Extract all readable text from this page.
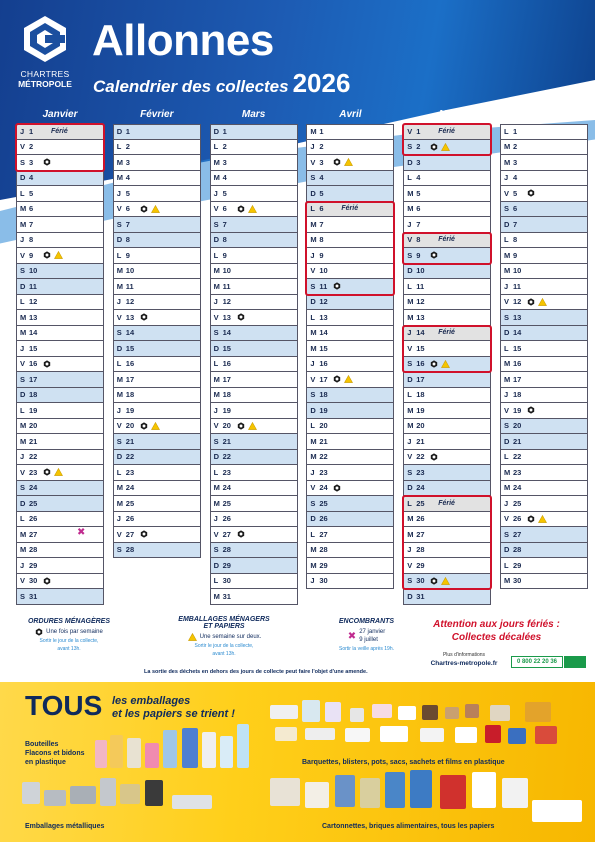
CHARTRES
MÉTROPOLE
Allonnes
Calendrier des collectes 2026
Janvier
J 1	Férié
V 2
S 3
D 4
L 5
M 6
M 7
J 8
V 9
S 10
D 11
L 12
M 13
M 14
J 15
V 16
S 17
D 18
L 19
M 20
M 21
J 22
V 23
S 24
D 25
L 26
M 27	✖
M 28
J 29
V 30
S 31
Février
D 1
L 2
M 3
M 4
J 5
V 6
S 7
D 8
L 9
M 10
M 11
J 12
V 13
S 14
D 15
L 16
M 17
M 18
J 19
V 20
S 21
D 22
L 23
M 24
M 25
J 26
V 27
S 28
Mars
D 1
L 2
M 3
M 4
J 5
V 6
S 7
D 8
L 9
M 10
M 11
J 12
V 13
S 14
D 15
L 16
M 17
M 18
J 19
V 20
S 21
D 22
L 23
M 24
M 25
J 26
V 27
S 28
D 29
L 30
M 31
Avril
M 1
J 2
V 3
S 4
D 5
L 6	Férié
M 7
M 8
J 9
V 10
S 11
D 12
L 13
M 14
M 15
J 16
V 17
S 18
D 19
L 20
M 21
M 22
J 23
V 24
S 25
D 26
L 27
M 28
M 29
J 30
Mai
V 1	Férié
S 2
D 3
L 4
M 5
M 6
J 7
V 8	Férié
S 9
D 10
L 11
M 12
M 13
J 14	Férié
V 15
S 16
D 17
L 18
M 19
M 20
J 21
V 22
S 23
D 24
L 25	Férié
M 26
M 27
J 28
V 29
S 30
D 31
Juin
L 1
M 2
M 3
J 4
V 5
S 6
D 7
L 8
M 9
M 10
J 11
V 12
S 13
D 14
L 15
M 16
M 17
J 18
V 19
S 20
D 21
L 22
M 23
M 24
J 25
V 26
S 27
D 28
L 29
M 30
ORDURES MÉNAGÈRES
Une fois par semaine
Sortir le jour de la collecte,
avant 13h.
EMBALLAGES MÉNAGERS
ET PAPIERS
Une semaine sur deux.
Sortir le jour de la collecte,
avant 13h.
ENCOMBRANTS
✖ 27 janvier
9 juillet
Sortir la veille après 19h.
Attention aux jours fériés :
Collectes décalées
Plus d'informations
Chartres-metropole.fr	0 800 22 20 36
La sortie des déchets en dehors des jours de collecte peut faire l'objet d'une amende.
TOUS les emballages
et les papiers se trient !
Bouteilles
Flacons et bidons
en plastique	Barquettes, blisters, pots, sacs, sachets et films en plastique
Emballages métalliques	Cartonnettes, briques alimentaires, tous les papiers
